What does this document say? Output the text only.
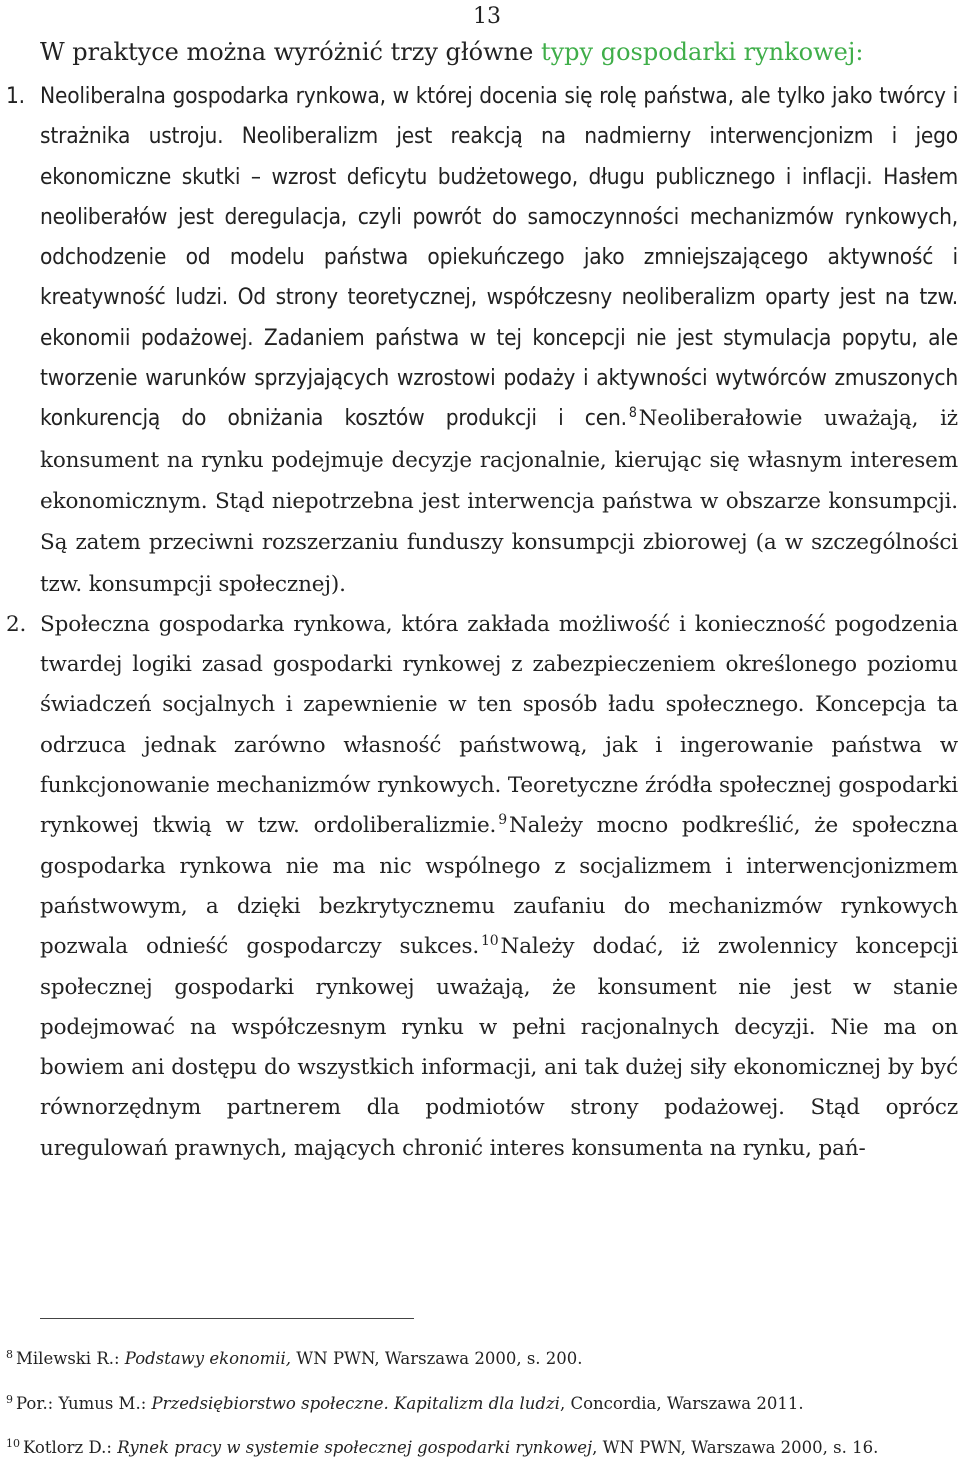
13
W praktyce można wyróżnić trzy główne typy gospodarki rynkowej:
1. Neoliberalna gospodarka rynkowa, w której docenia się rolę państwa, ale tylko jako twórcy i strażnika ustroju. Neoliberalizm jest reakcją na nadmierny interwencjonizm i jego ekonomiczne skutki – wzrost deficytu budżetowego, długu publicznego i inflacji. Hasłem neoliberałów jest deregulacja, czyli powrót do samoczynności mechanizmów rynkowych, odchodzenie od modelu państwa opiekuńczego jako zmniejszającego aktywność i kreatywność ludzi. Od strony teoretycznej, współczesny neoliberalizm oparty jest na tzw. ekonomii podażowej. Zadaniem państwa w tej koncepcji nie jest stymulacja popytu, ale tworzenie warunków sprzyjających wzrostowi podaży i aktywności wytwórców zmuszonych konkurencją do obniżania kosztów produkcji i cen. $^8$Neoliberałowie uważają, iż konsument na rynku podejmuje decyzje racjonalnie, kierując się własnym interesem ekonomicznym. Stąd niepotrzebna jest interwencja państwa w obszarze konsumpcji. Są zatem przeciwni rozszerzaniu funduszy konsumpcji zbiorowej (a w szczególności tzw. konsumpcji społecznej).
2. Społeczna gospodarka rynkowa, która zakłada możliwość i konieczność pogodzenia twardej logiki zasad gospodarki rynkowej z zabezpieczeniem określonego poziomu świadczeń socjalnych i zapewnienie w ten sposób ładu społecznego. Koncepcja ta odrzuca jednak zarówno własność państwową, jak i ingerowanie państwa w funkcjonowanie mechanizmów rynkowych. Teoretyczne źródła społecznej gospodarki rynkowej tkwią w tzw. ordoliberalizmie. $^9$Należy mocno podkreślić, że społeczna gospodarka rynkowa nie ma nic wspólnego z socjalizmem i interwencjonizmem państwowym, a dzięki bezkrytycznemu zaufaniu do mechanizmów rynkowych pozwala odnieść gospodarczy sukces. $^{10}$Należy dodać, iż zwolennicy koncepcji społecznej gospodarki rynkowej uważają, że konsument nie jest w stanie podejmować na współczesnym rynku w pełni racjonalnych decyzji. Nie ma on bowiem ani dostępu do wszystkich informacji, ani tak dużej siły ekonomicznej by być równorzędnym partnerem dla podmiotów strony podażowej. Stąd oprócz uregulowań prawnych, mających chronić interes konsumenta na rynku, pań-
$^8$ Milewski R.: Podstawy ekonomii, WN PWN, Warszawa 2000, s. 200.
$^9$ Por.: Yumus M.: Przedsiębiorstwo społeczne. Kapitalizm dla ludzi, Concordia, Warszawa 2011.
$^{10}$ Kotlorz D.: Rynek pracy w systemie społecznej gospodarki rynkowej, WN PWN, Warszawa 2000, s. 16.
